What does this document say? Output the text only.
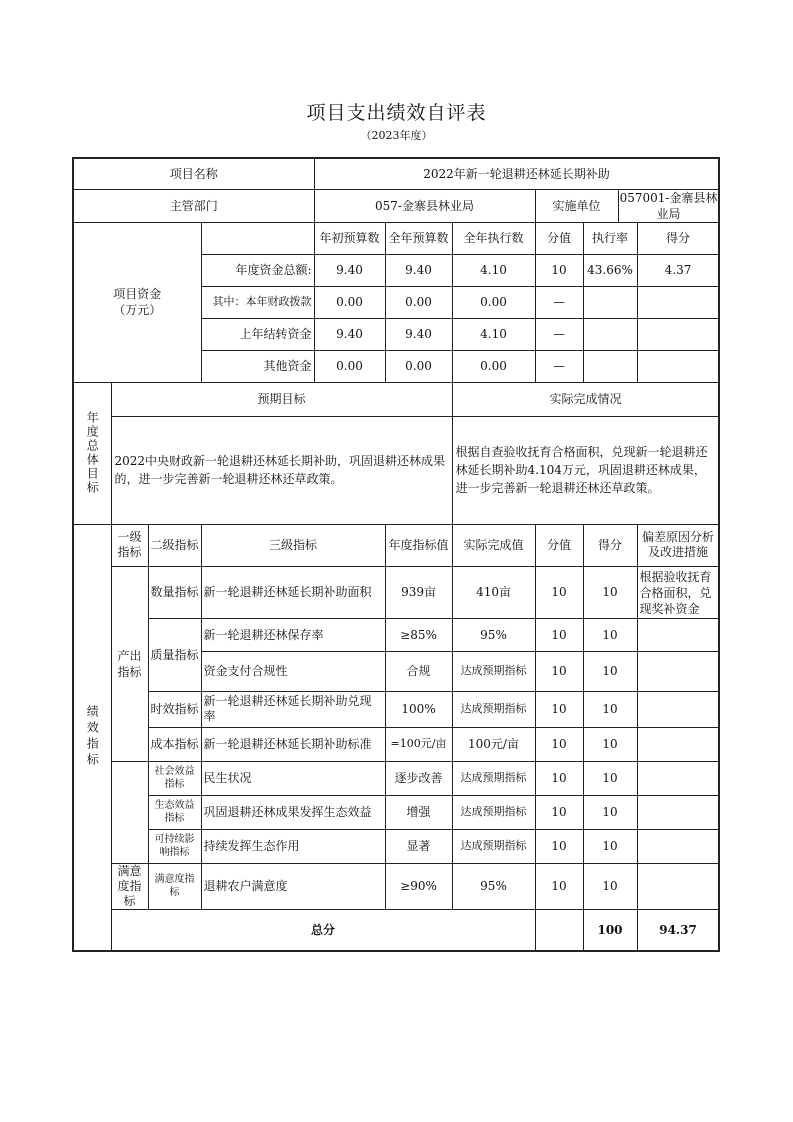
项目支出绩效自评表
（2023年度）
项目名称				2022年新一轮退耕还林延长期补助						
主管部门				057-金寨县林业局			实施单位
057001-金寨县林业局			

项目资金
（万元）				年初预算数	全年预算数	全年执行数	分值	执行率	得分	
			年度资金总额:	9.40	9.40	4.10	10	43.66%	4.37	
			其中：本年财政拨款	0.00	0.00	0.00	—			
			上年结转资金	9.40	9.40	4.10	—			
			其他资金	0.00	0.00	0.00	—			
年度总体目标	预期目标					实际完成情况				
	2022中央财政新一轮退耕还林延长期补助，巩固退耕还林成果的，进一步完善新一轮退耕还林还草政策。					根据自查验收抚育合格面积，兑现新一轮退耕还林延长期补助4.104万元，巩固退耕还林成果，进一步完善新一轮退耕还林还草政策。				
绩效指标	一级指标	二级指标	三级指标		年度指标值	实际完成值	分值	得分	偏差原因分析及改进措施	
	产出指标	数量指标	新一轮退耕还林延长期补助面积		939亩	410亩	10	10	根据验收抚育合格面积，兑现奖补资金	
		质量指标	新一轮退耕还林保存率		≥85%	95%	10	10		
			资金支付合规性		合规	达成预期指标	10	10		
		时效指标	新一轮退耕还林延长期补助兑现率		100%	达成预期指标	10	10		
		成本指标	新一轮退耕还林延长期补助标准		=100元/亩	100元/亩	10	10		
		社会效益指标	民生状况		逐步改善	达成预期指标	10	10		
		生态效益指标	巩固退耕还林成果发挥生态效益		增强	达成预期指标	10	10		
		可持续影响指标	持续发挥生态作用		显著	达成预期指标	10	10		
	满意度指标	满意度指标	退耕农户满意度		≥90%	95%	10	10		
	总分							100	94.37	
